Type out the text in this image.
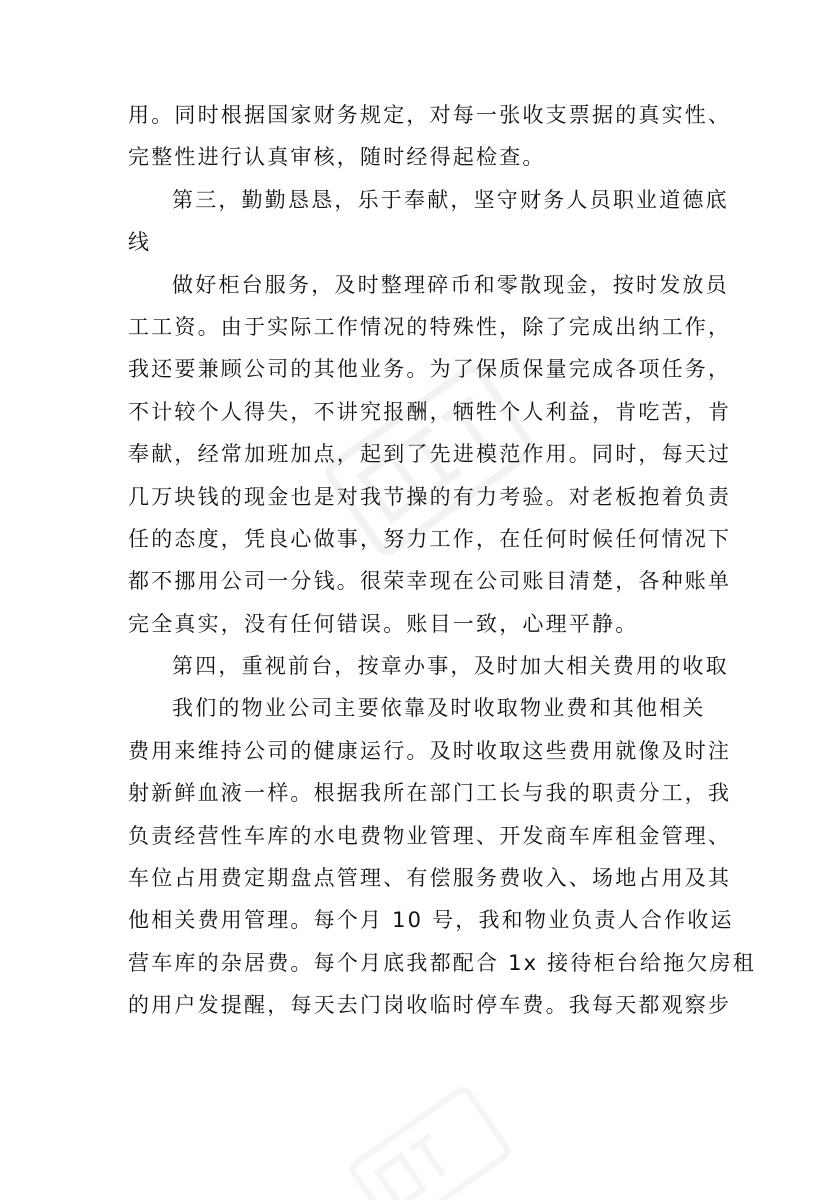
用。同时根据国家财务规定，对每一张收支票据的真实性、
完整性进行认真审核，随时经得起检查。
第三，勤勤恳恳，乐于奉献，坚守财务人员职业道德底
线
做好柜台服务，及时整理碎币和零散现金，按时发放员
工工资。由于实际工作情况的特殊性，除了完成出纳工作，
我还要兼顾公司的其他业务。为了保质保量完成各项任务，
不计较个人得失，不讲究报酬，牺牲个人利益，肯吃苦，肯
奉献，经常加班加点，起到了先进模范作用。同时，每天过
几万块钱的现金也是对我节操的有力考验。对老板抱着负责
任的态度，凭良心做事，努力工作，在任何时候任何情况下
都不挪用公司一分钱。很荣幸现在公司账目清楚，各种账单
完全真实，没有任何错误。账目一致，心理平静。
第四，重视前台，按章办事，及时加大相关费用的收取
我们的物业公司主要依靠及时收取物业费和其他相关
费用来维持公司的健康运行。及时收取这些费用就像及时注
射新鲜血液一样。根据我所在部门工长与我的职责分工，我
负责经营性车库的水电费物业管理、开发商车库租金管理、
车位占用费定期盘点管理、有偿服务费收入、场地占用及其
他相关费用管理。每个月 10 号，我和物业负责人合作收运
营车库的杂居费。每个月底我都配合 1x 接待柜台给拖欠房租
的用户发提醒，每天去门岗收临时停车费。我每天都观察步
